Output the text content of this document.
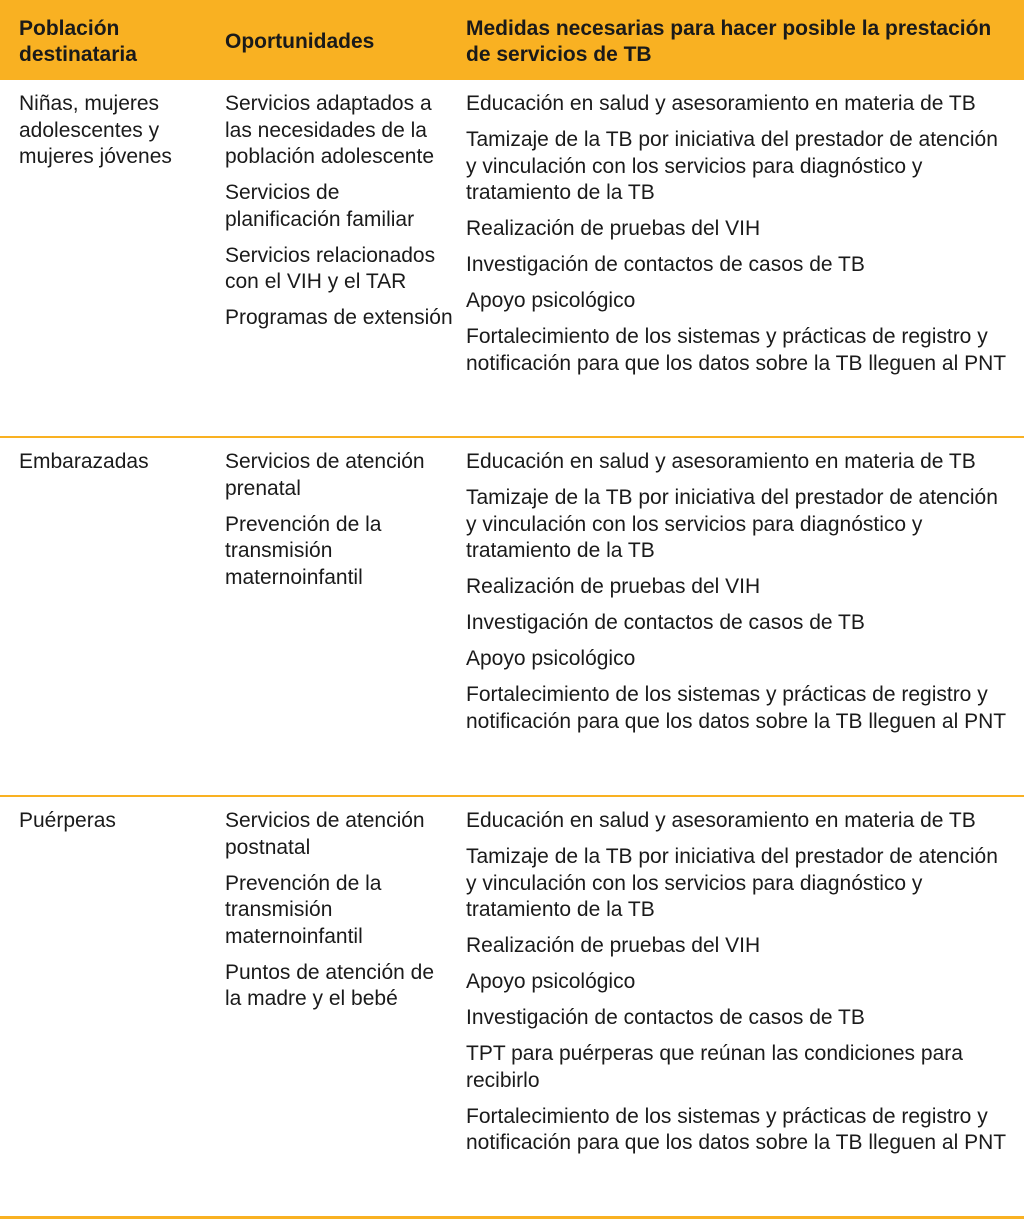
Población destinataria
Oportunidades
Medidas necesarias para hacer posible la prestación de servicios de TB
Niñas, mujeres adolescentes y mujeres jóvenes
Servicios adaptados a las necesidades de la población adolescente
Servicios de planificación familiar
Servicios relacionados con el VIH y el TAR
Programas de extensión
Educación en salud y asesoramiento en materia de TB
Tamizaje de la TB por iniciativa del prestador de atención y vinculación con los servicios para diagnóstico y tratamiento de la TB
Realización de pruebas del VIH
Investigación de contactos de casos de TB
Apoyo psicológico
Fortalecimiento de los sistemas y prácticas de registro y notificación para que los datos sobre la TB lleguen al PNT
Embarazadas	Servicios de atención prenatal
Prevención de la transmisión maternoinfantil
Educación en salud y asesoramiento en materia de TB
Tamizaje de la TB por iniciativa del prestador de atención y vinculación con los servicios para diagnóstico y tratamiento de la TB
Realización de pruebas del VIH
Investigación de contactos de casos de TB
Apoyo psicológico
Fortalecimiento de los sistemas y prácticas de registro y notificación para que los datos sobre la TB lleguen al PNT
Puérperas	Servicios de atención postnatal
Prevención de la transmisión maternoinfantil
Puntos de atención de la madre y el bebé
Educación en salud y asesoramiento en materia de TB
Tamizaje de la TB por iniciativa del prestador de atención y vinculación con los servicios para diagnóstico y tratamiento de la TB
Realización de pruebas del VIH
Apoyo psicológico
Investigación de contactos de casos de TB
TPT para puérperas que reúnan las condiciones para recibirlo
Fortalecimiento de los sistemas y prácticas de registro y notificación para que los datos sobre la TB lleguen al PNT
